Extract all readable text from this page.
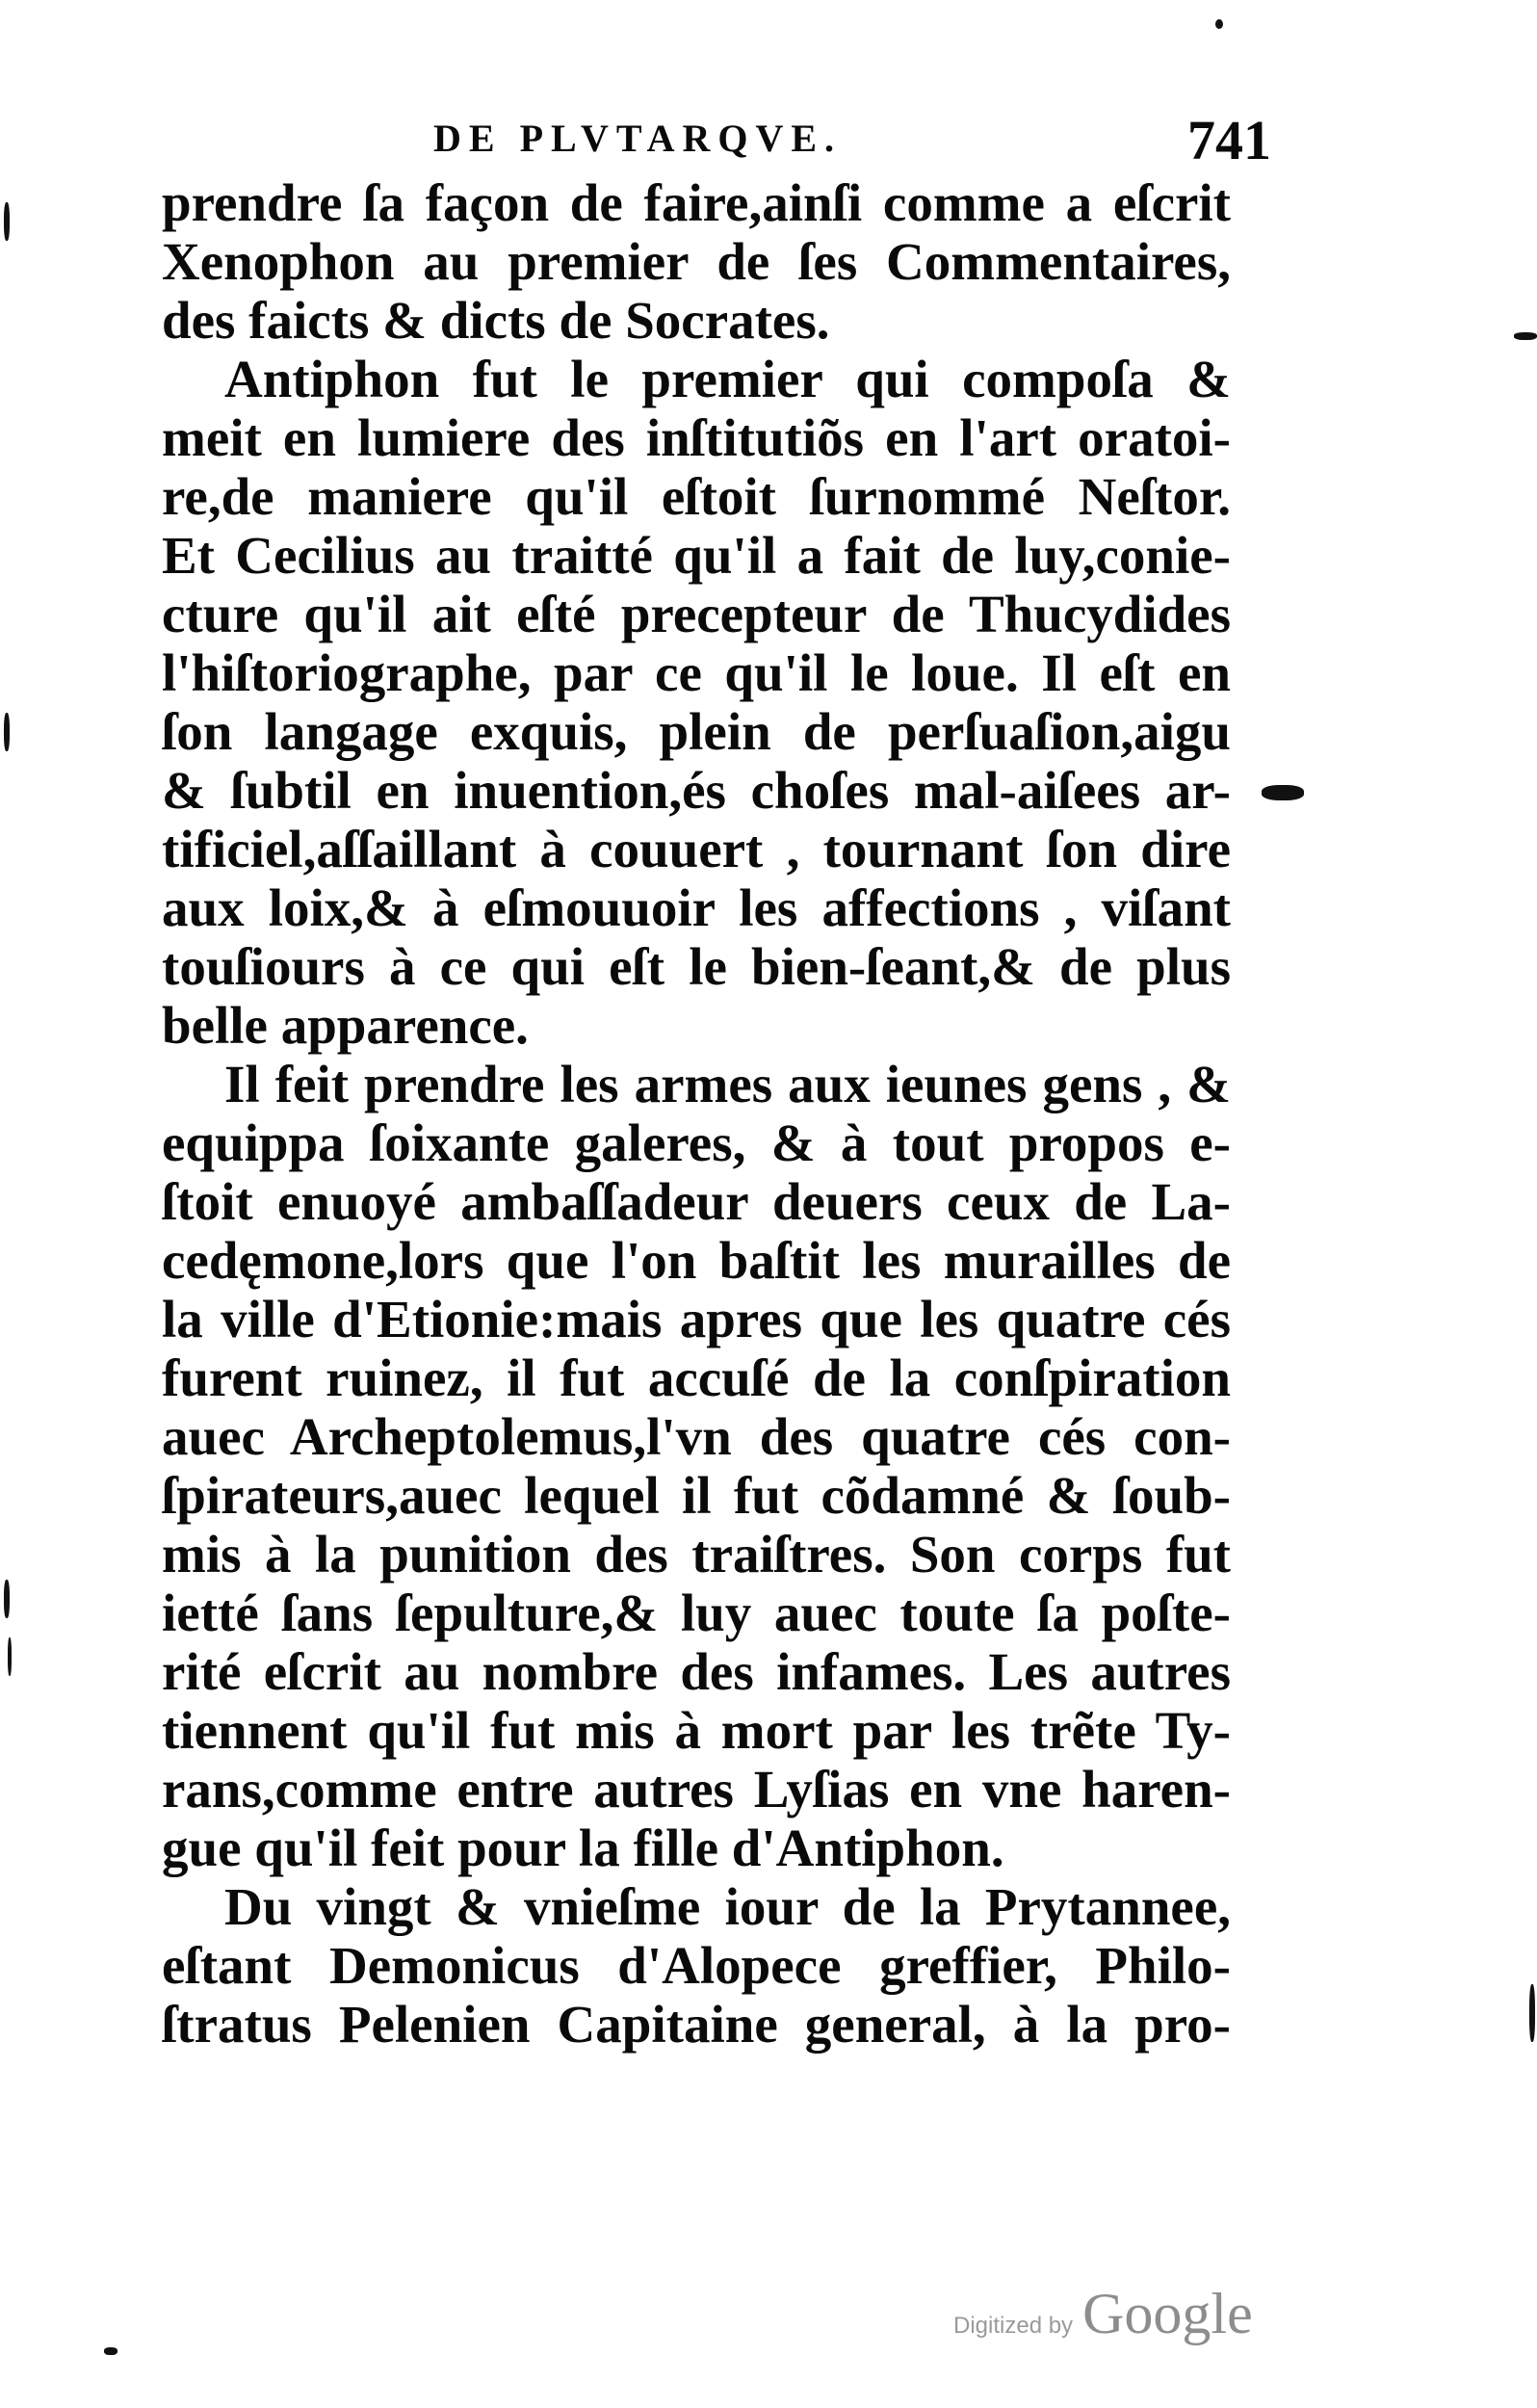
DE PLVTARQVE.	741
prendre ſa façon de faire,ainſi comme a eſcrit
Xenophon au premier de ſes Commentaires,
des faicts & dicts de Socrates.
Antiphon fut le premier qui compoſa &
meit en lumiere des inſtitutiõs en l'art oratoi-
re,de maniere qu'il eſtoit ſurnommé Neſtor.
Et Cecilius au traitté qu'il a fait de luy,conie-
cture qu'il ait eſté precepteur de Thucydides
l'hiſtoriographe, par ce qu'il le loue. Il eſt en
ſon langage exquis, plein de perſuaſion,aigu
& ſubtil en inuention,és choſes mal-aiſees ar-
tificiel,aſſaillant à couuert , tournant ſon dire
aux loix,& à eſmouuoir les affections , viſant
touſiours à ce qui eſt le bien-ſeant,& de plus
belle apparence.
Il feit prendre les armes aux ieunes gens , &
equippa ſoixante galeres, & à tout propos e-
ſtoit enuoyé ambaſſadeur deuers ceux de La-
cedęmone,lors que l'on baſtit les murailles de
la ville d'Etionie:mais apres que les quatre cés
furent ruinez, il fut accuſé de la conſpiration
auec Archeptolemus,l'vn des quatre cés con-
ſpirateurs,auec lequel il fut cõdamné & ſoub-
mis à la punition des traiſtres. Son corps fut
ietté ſans ſepulture,& luy auec toute ſa poſte-
rité eſcrit au nombre des infames. Les autres
tiennent qu'il fut mis à mort par les trẽte Ty-
rans,comme entre autres Lyſias en vne haren-
gue qu'il feit pour la fille d'Antiphon.
Du vingt & vnieſme iour de la Prytannee,
eſtant Demonicus d'Alopece greffier, Philo-
ſtratus Pelenien Capitaine general, à la pro-
Digitized by Google
